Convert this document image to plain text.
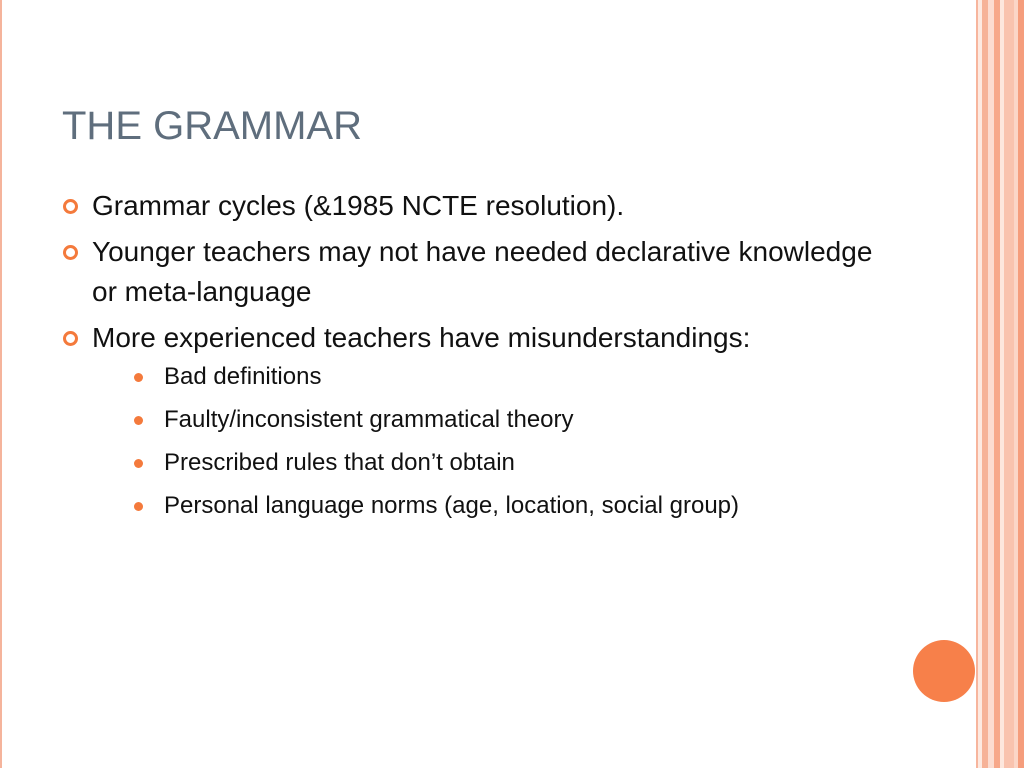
THE GRAMMAR
Grammar cycles (&1985 NCTE resolution).
Younger teachers may not have needed declarative knowledge or meta-language
More experienced teachers have misunderstandings:
Bad definitions
Faulty/inconsistent grammatical theory
Prescribed rules that don’t obtain
Personal language norms (age, location, social group)
